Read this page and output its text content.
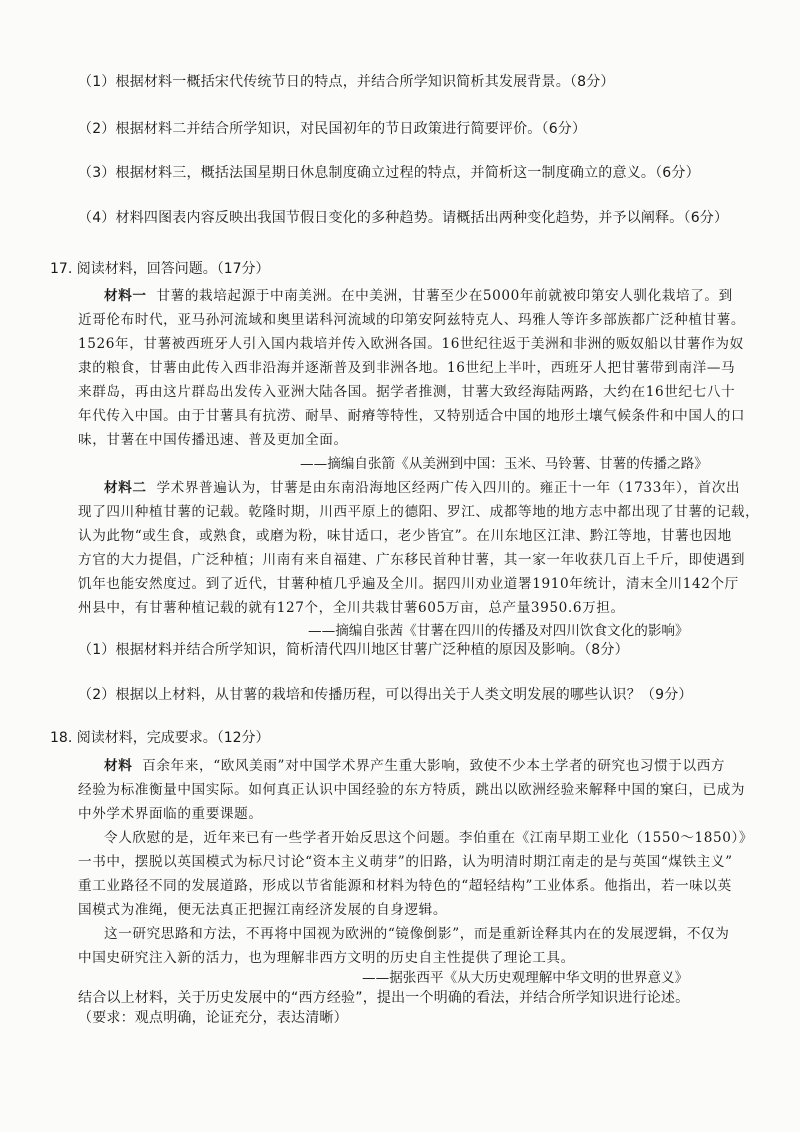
（1）根据材料一概括宋代传统节日的特点，并结合所学知识简析其发展背景。（8分）
（2）根据材料二并结合所学知识，对民国初年的节日政策进行简要评价。（6分）
（3）根据材料三，概括法国星期日休息制度确立过程的特点，并简析这一制度确立的意义。（6分）
（4）材料四图表内容反映出我国节假日变化的多种趋势。请概括出两种变化趋势，并予以阐释。（6分）
17. 阅读材料，回答问题。（17分）
材料一 甘薯的栽培起源于中南美洲。在中美洲，甘薯至少在5000年前就被印第安人驯化栽培了。到
近哥伦布时代，亚马孙河流域和奥里诺科河流域的印第安阿兹特克人、玛雅人等许多部族都广泛种植甘薯。
1526年，甘薯被西班牙人引入国内栽培并传入欧洲各国。16世纪往返于美洲和非洲的贩奴船以甘薯作为奴
隶的粮食，甘薯由此传入西非沿海并逐渐普及到非洲各地。16世纪上半叶，西班牙人把甘薯带到南洋—马
来群岛，再由这片群岛出发传入亚洲大陆各国。据学者推测，甘薯大致经海陆两路，大约在16世纪七八十
年代传入中国。由于甘薯具有抗涝、耐旱、耐瘠等特性，又特别适合中国的地形土壤气候条件和中国人的口
味，甘薯在中国传播迅速、普及更加全面。
——摘编自张箭《从美洲到中国：玉米、马铃薯、甘薯的传播之路》
材料二 学术界普遍认为，甘薯是由东南沿海地区经两广传入四川的。雍正十一年（1733年），首次出
现了四川种植甘薯的记载。乾隆时期，川西平原上的德阳、罗江、成都等地的地方志中都出现了甘薯的记载，
认为此物“或生食，或熟食，或磨为粉，味甘适口，老少皆宜”。在川东地区江津、黔江等地，甘薯也因地
方官的大力提倡，广泛种植；川南有来自福建、广东移民首种甘薯，其一家一年收获几百上千斤，即使遇到
饥年也能安然度过。到了近代，甘薯种植几乎遍及全川。据四川劝业道署1910年统计，清末全川142个厅
州县中，有甘薯种植记载的就有127个，全川共栽甘薯605万亩，总产量3950.6万担。
——摘编自张茜《甘薯在四川的传播及对四川饮食文化的影响》
（1）根据材料并结合所学知识，简析清代四川地区甘薯广泛种植的原因及影响。（8分）
（2）根据以上材料，从甘薯的栽培和传播历程，可以得出关于人类文明发展的哪些认识？（9分）
18. 阅读材料，完成要求。（12分）
材料 百余年来，“欧风美雨”对中国学术界产生重大影响，致使不少本土学者的研究也习惯于以西方
经验为标准衡量中国实际。如何真正认识中国经验的东方特质，跳出以欧洲经验来解释中国的窠臼，已成为
中外学术界面临的重要课题。
令人欣慰的是，近年来已有一些学者开始反思这个问题。李伯重在《江南早期工业化（1550～1850）》
一书中，摆脱以英国模式为标尺讨论“资本主义萌芽”的旧路，认为明清时期江南走的是与英国“煤铁主义”
重工业路径不同的发展道路，形成以节省能源和材料为特色的“超轻结构”工业体系。他指出，若一味以英
国模式为准绳，便无法真正把握江南经济发展的自身逻辑。
这一研究思路和方法，不再将中国视为欧洲的“镜像倒影”，而是重新诠释其内在的发展逻辑，不仅为
中国史研究注入新的活力，也为理解非西方文明的历史自主性提供了理论工具。
——据张西平《从大历史观理解中华文明的世界意义》
结合以上材料，关于历史发展中的“西方经验”，提出一个明确的看法，并结合所学知识进行论述。
（要求：观点明确，论证充分，表达清晰）
